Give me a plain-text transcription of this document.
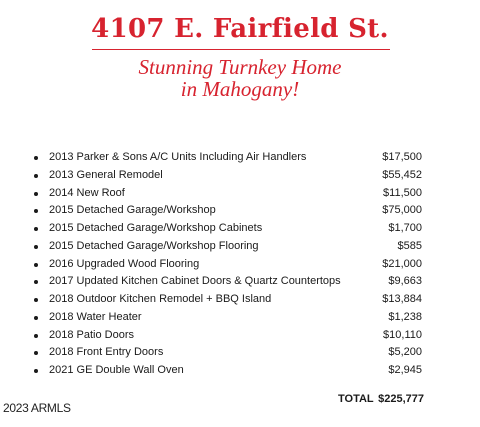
4107 E. Fairfield St.
Stunning Turnkey Home
in Mahogany!
2013 Parker & Sons A/C Units Including Air Handlers	$17,500
2013 General Remodel	$55,452
2014 New Roof	$11,500
2015 Detached Garage/Workshop	$75,000
2015 Detached Garage/Workshop Cabinets	$1,700
2015 Detached Garage/Workshop Flooring	$585
2016 Upgraded Wood Flooring	$21,000
2017 Updated Kitchen Cabinet Doors & Quartz Countertops	$9,663
2018 Outdoor Kitchen Remodel + BBQ Island	$13,884
2018 Water Heater	$1,238
2018 Patio Doors	$10,110
2018 Front Entry Doors	$5,200
2021 GE Double Wall Oven	$2,945
TOTAL $225,777
2023 ARMLS
